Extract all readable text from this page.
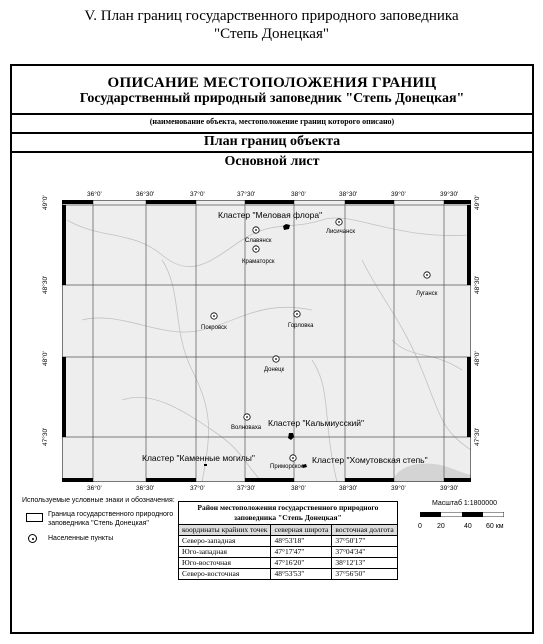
V. План границ государственного природного заповедника
"Степь Донецкая"
ОПИСАНИЕ МЕСТОПОЛОЖЕНИЯ ГРАНИЦ
Государственный природный заповедник "Степь Донецкая"
(наименование объекта, местоположение границ которого описано)
План границ объекта
Основной лист
36°0'	36°30'	37°0'	37°30'	38°0'	38°30'	39°0'	39°30'
36°0'	36°30'	37°0'	37°30'	38°0'	38°30'	39°0'	39°30'
49°0'
48°30'
48°0'
47°30'
49°0'
48°30'
48°0'
47°30'
Славянск
Краматорск
Лисичанск
Луганск
Покровск	Горловка
Донецк
Волноваха
Приморское
Кластер "Меловая флора"
Кластер "Кальмиусский"
Кластер "Каменные могилы"	Кластер "Хомутовская степь"
Используемые условные знаки и обозначения:
Граница государственного природного
заповедника "Степь Донецкая"
Населенные пункты
Район местоположения государственного природного
заповедника "Степь Донецкая"		

координаты крайних точек	северная широта	восточная долгота
Северо-западная	48°53'18"	37°50'17"
Юго-западная	47°17'47"	37°04'34"
Юго-восточная	47°16'20"	38°12'13"
Северо-восточная	48°53'53"	37°56'50"
Масштаб 1:1800000
0 20	40 60 км
